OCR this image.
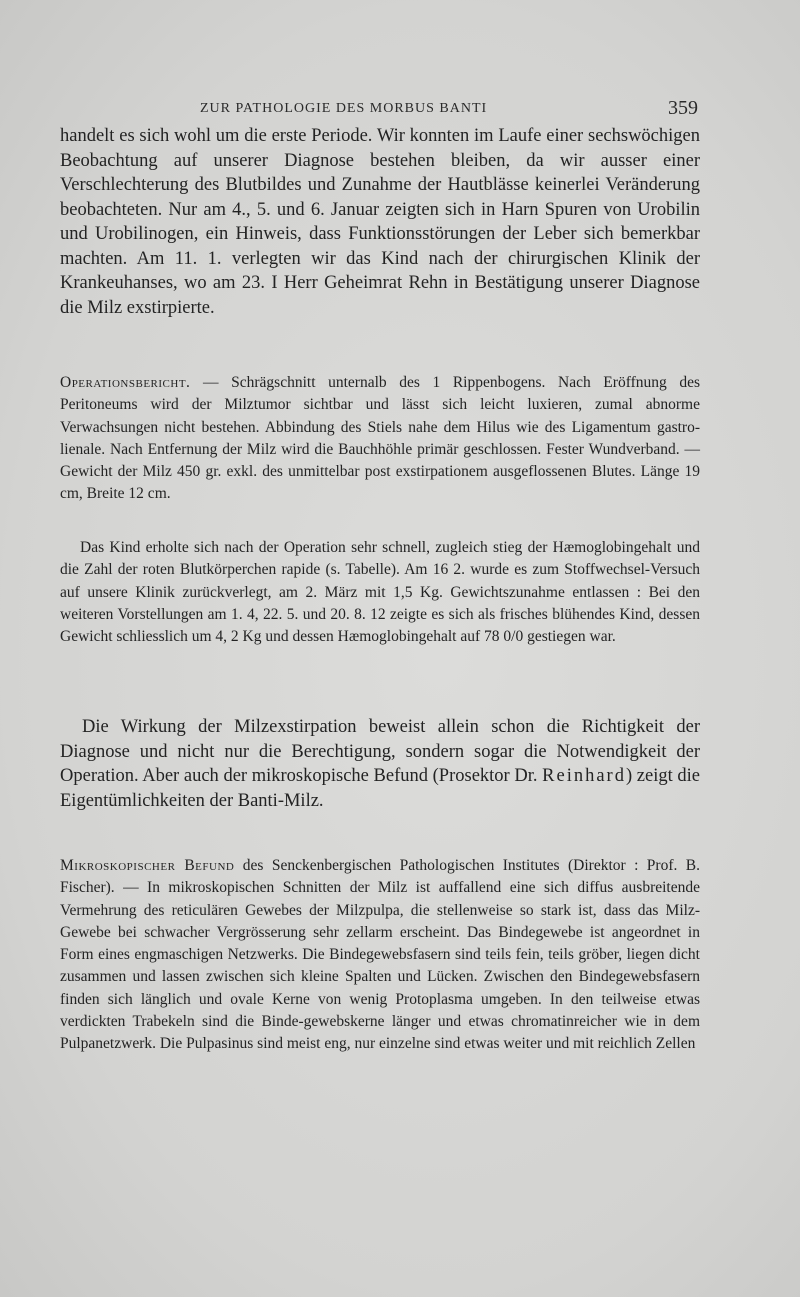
ZUR PATHOLOGIE DES MORBUS BANTI	359

handelt es sich wohl um die erste Periode. Wir konnten im Laufe einer sechswöchigen Beobachtung auf unserer Diagnose bestehen bleiben, da wir ausser einer Verschlechterung des Blutbildes und Zunahme der Hautblässe keinerlei Veränderung beobachteten. Nur am 4., 5. und 6. Januar zeigten sich in Harn Spuren von Urobilin und Urobilinogen, ein Hinweis, dass Funktionsstörungen der Leber sich bemerkbar machten. Am 11. 1. verlegten wir das Kind nach der chirurgischen Klinik der Krankeuhanses, wo am 23. I Herr Geheimrat Rehn in Bestätigung unserer Diagnose die Milz exstirpierte.

Operationsbericht. — Schrägschnitt unternalb des 1 Rippenbogens. Nach Eröffnung des Peritoneums wird der Milztumor sichtbar und lässt sich leicht luxieren, zumal abnorme Verwachsungen nicht bestehen. Abbindung des Stiels nahe dem Hilus wie des Ligamentum gastro-lienale. Nach Entfernung der Milz wird die Bauchhöhle primär geschlossen. Fester Wundverband. — Gewicht der Milz 450 gr. exkl. des unmittelbar post exstirpationem ausgeflossenen Blutes. Länge 19 cm, Breite 12 cm.

Das Kind erholte sich nach der Operation sehr schnell, zugleich stieg der Hæmoglobingehalt und die Zahl der roten Blutkörperchen rapide (s. Tabelle). Am 16 2. wurde es zum Stoffwechsel-Versuch auf unsere Klinik zurückverlegt, am 2. März mit 1,5 Kg. Gewichtszunahme entlassen : Bei den weiteren Vorstellungen am 1. 4, 22. 5. und 20. 8. 12 zeigte es sich als frisches blühendes Kind, dessen Gewicht schliesslich um 4, 2 Kg und dessen Hæmoglobingehalt auf 78 0/0 gestiegen war.

Die Wirkung der Milzexstirpation beweist allein schon die Richtigkeit der Diagnose und nicht nur die Berechtigung, sondern sogar die Notwendigkeit der Operation. Aber auch der mikroskopische Befund (Prosektor Dr. Reinhard) zeigt die Eigentümlichkeiten der Banti-Milz.

Mikroskopischer Befund des Senckenbergischen Pathologischen Institutes (Direktor : Prof. B. Fischer). — In mikroskopischen Schnitten der Milz ist auffallend eine sich diffus ausbreitende Vermehrung des reticulären Gewebes der Milzpulpa, die stellenweise so stark ist, dass das Milz-Gewebe bei schwacher Vergrösserung sehr zellarm erscheint. Das Bindegewebe ist angeordnet in Form eines engmaschigen Netzwerks. Die Bindegewebsfasern sind teils fein, teils gröber, liegen dicht zusammen und lassen zwischen sich kleine Spalten und Lücken. Zwischen den Bindegewebsfasern finden sich länglich und ovale Kerne von wenig Protoplasma umgeben. In den teilweise etwas verdickten Trabekeln sind die Binde-gewebskerne länger und etwas chromatinreicher wie in dem Pulpanetzwerk. Die Pulpasinus sind meist eng, nur einzelne sind etwas weiter und mit reichlich Zellen
